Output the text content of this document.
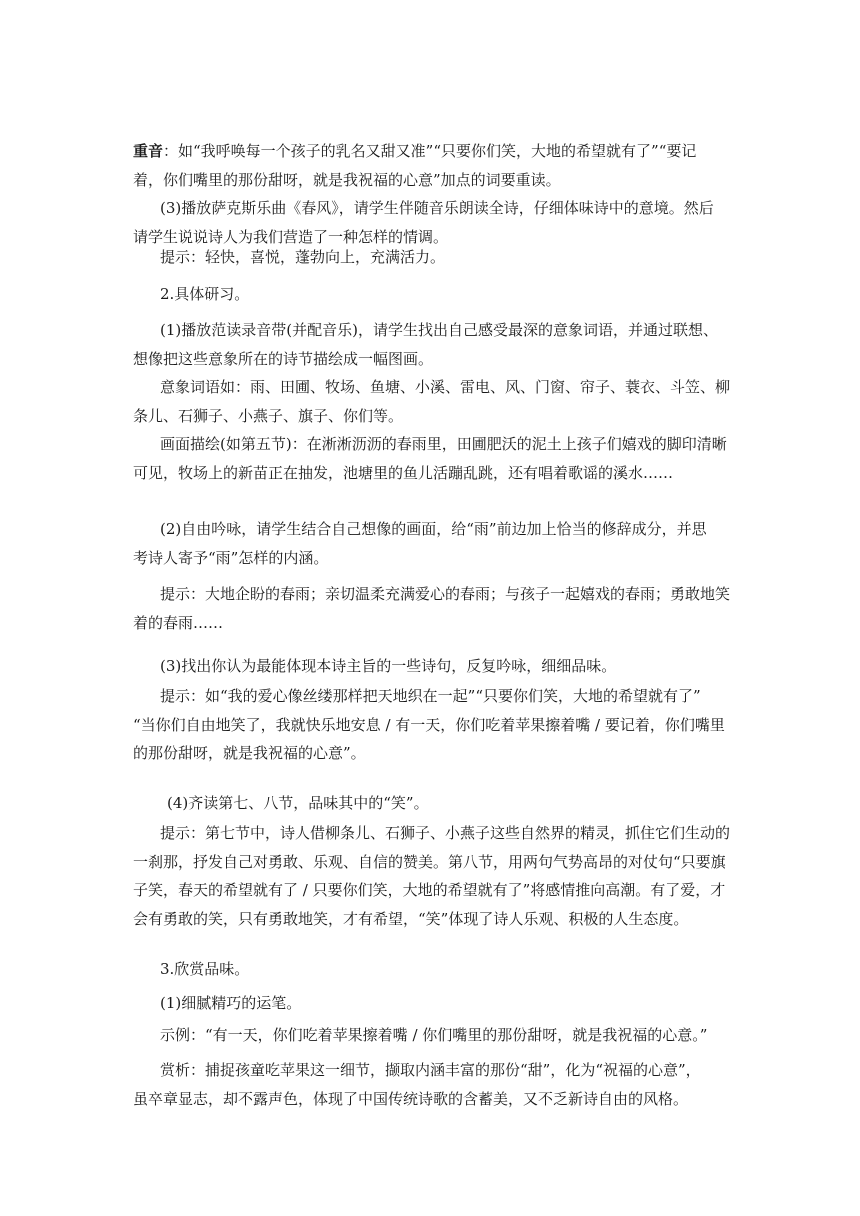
重音：如“我呼唤每一个孩子的乳名又甜又准”“只要你们笑，大地的希望就有了”“要记
着，你们嘴里的那份甜呀，就是我祝福的心意”加点的词要重读。

(3)播放萨克斯乐曲《春风》，请学生伴随音乐朗读全诗，仔细体味诗中的意境。然后
请学生说说诗人为我们营造了一种怎样的情调。

提示：轻快，喜悦，蓬勃向上，充满活力。

2.具体研习。

(1)播放范读录音带(并配音乐)，请学生找出自己感受最深的意象词语，并通过联想、
想像把这些意象所在的诗节描绘成一幅图画。

意象词语如：雨、田圃、牧场、鱼塘、小溪、雷电、风、门窗、帘子、蓑衣、斗笠、柳
条儿、石狮子、小燕子、旗子、你们等。

画面描绘(如第五节)：在淅淅沥沥的春雨里，田圃肥沃的泥土上孩子们嬉戏的脚印清晰
可见，牧场上的新苗正在抽发，池塘里的鱼儿活蹦乱跳，还有唱着歌谣的溪水……

(2)自由吟咏，请学生结合自己想像的画面，给“雨”前边加上恰当的修辞成分，并思
考诗人寄予“雨”怎样的内涵。

提示：大地企盼的春雨；亲切温柔充满爱心的春雨；与孩子一起嬉戏的春雨；勇敢地笑
着的春雨……

(3)找出你认为最能体现本诗主旨的一些诗句，反复吟咏，细细品味。

提示：如“我的爱心像丝缕那样把天地织在一起”“只要你们笑，大地的希望就有了”
“当你们自由地笑了，我就快乐地安息 / 有一天，你们吃着苹果擦着嘴 / 要记着，你们嘴里
的那份甜呀，就是我祝福的心意”。

(4)齐读第七、八节，品味其中的“笑”。

提示：第七节中，诗人借柳条儿、石狮子、小燕子这些自然界的精灵，抓住它们生动的
一刹那，抒发自己对勇敢、乐观、自信的赞美。第八节，用两句气势高昂的对仗句“只要旗
子笑，春天的希望就有了 / 只要你们笑，大地的希望就有了”将感情推向高潮。有了爱，才
会有勇敢的笑，只有勇敢地笑，才有希望，“笑”体现了诗人乐观、积极的人生态度。

3.欣赏品味。

(1)细腻精巧的运笔。

示例：“有一天，你们吃着苹果擦着嘴 / 你们嘴里的那份甜呀，就是我祝福的心意。”

赏析：捕捉孩童吃苹果这一细节，撷取内涵丰富的那份“甜”，化为“祝福的心意”，
虽卒章显志，却不露声色，体现了中国传统诗歌的含蓄美，又不乏新诗自由的风格。
